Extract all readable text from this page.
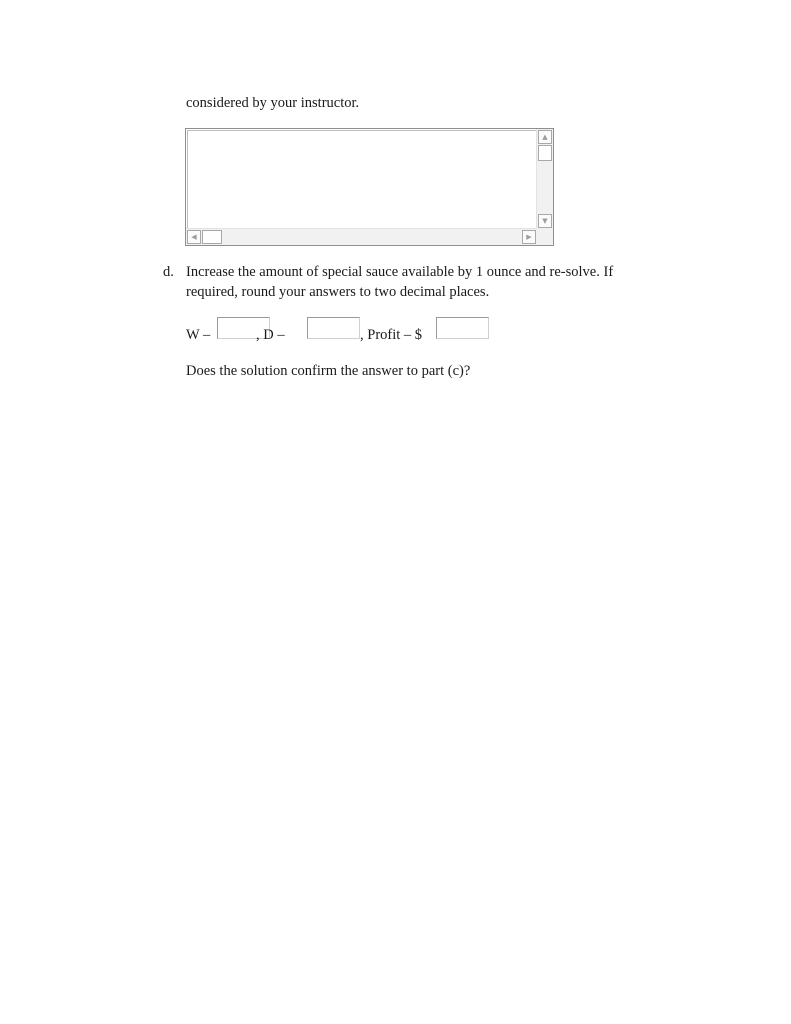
considered by your instructor.
▲
▼
◀	▶
d. Increase the amount of special sauce available by 1 ounce and re-solve. If
required, round your answers to two decimal places.
W –	, D –	, Profit – $
Does the solution confirm the answer to part (c)?
